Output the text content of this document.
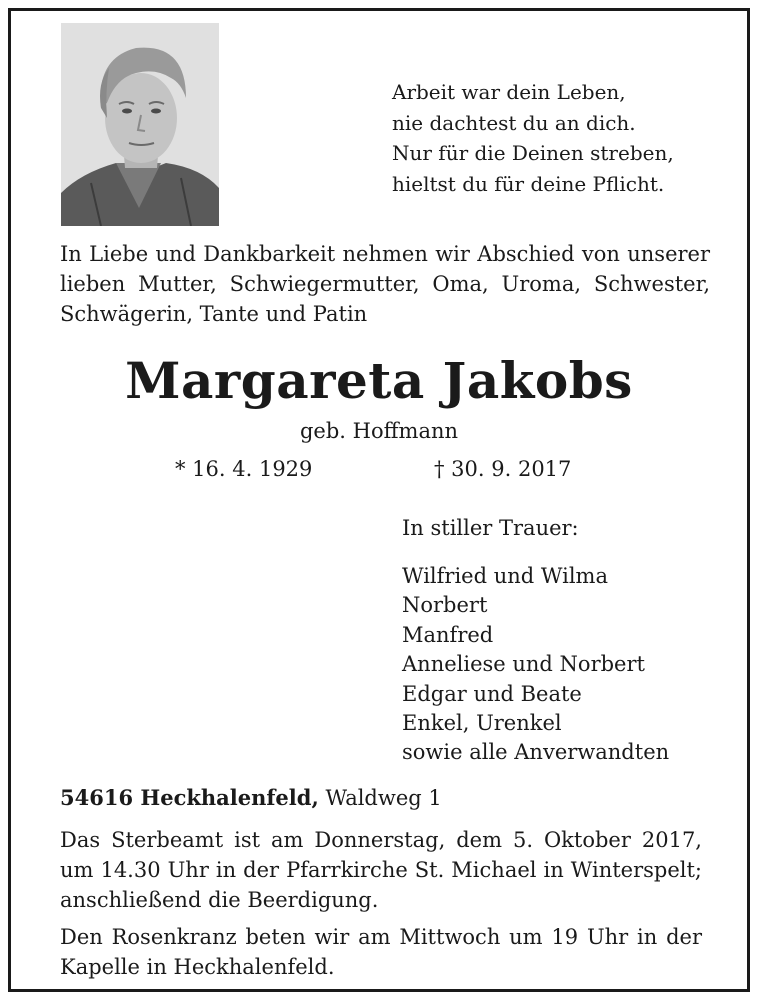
Arbeit war dein Leben,
nie dachtest du an dich.
Nur für die Deinen streben,
hieltst du für deine Pflicht.
In Liebe und Dankbarkeit nehmen wir Abschied von unserer lieben Mutter, Schwiegermutter, Oma, Uroma, Schwester, Schwägerin, Tante und Patin
Margareta Jakobs
geb. Hoffmann
* 16. 4. 1929	† 30. 9. 2017
In stiller Trauer:
Wilfried und Wilma
Norbert
Manfred
Anneliese und Norbert
Edgar und Beate
Enkel, Urenkel
sowie alle Anverwandten
54616 Heckhalenfeld, Waldweg 1
Das Sterbeamt ist am Donnerstag, dem 5. Oktober 2017, um 14.30 Uhr in der Pfarrkirche St. Michael in Winterspelt; anschließend die Beerdigung.
Den Rosenkranz beten wir am Mittwoch um 19 Uhr in der Kapelle in Heckhalenfeld.
